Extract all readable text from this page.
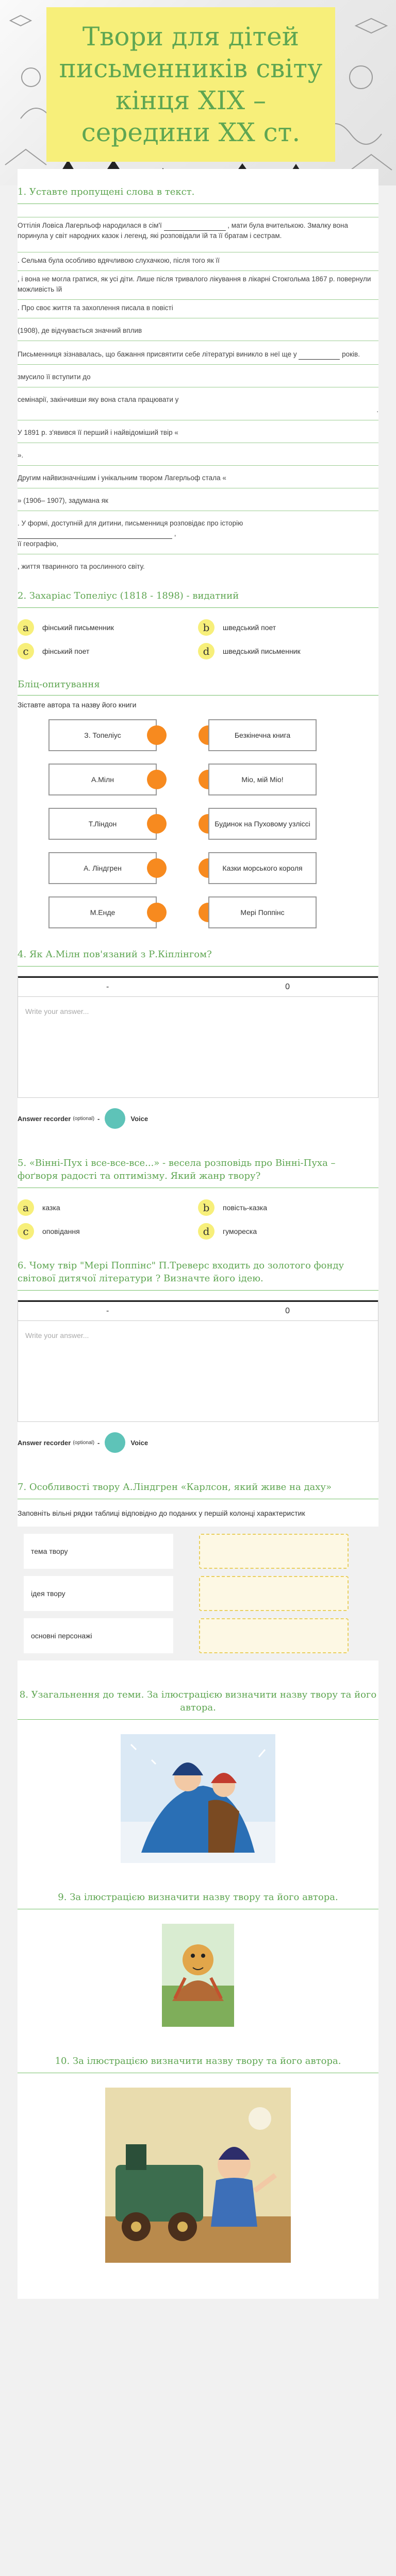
Твори для дітей письменників світу кінця XIX – середини XX ст.
1. Уставте пропущені слова в текст.

Оттілія Ловіса Лагерльоф народилася в сім'ї	, мати була вчителькою. Змалку вона поринула у світ народних казок і легенд, які розповідали їй та її братам і сестрам.

. Сельма була особливо вдячливою слухачкою, після того як її

, і вона не могла гратися, як усі діти. Лише після тривалого лікування в лікарні Стокгольма 1867 р. повернули можливість їй

. Про своє життя та захоплення писала в повісті

(1908), де відчувається значний вплив

Письменниця зізнавалась, що бажання присвятити себе літературі виникло в неї ще у	років.

змусило її вступити до

семінарії, закінчивши яку вона стала працювати у

.

У 1891 р. з'явився її перший і найвідоміший твір «

».

Другим найвизначнішим і унікальним твором Лагерльоф стала «

» (1906– 1907), задумана як

. У формі, доступній для дитини, письменниця розповідає про історію  ,

її географію,

, життя тваринного та рослинного світу.

2. Захаріас Топеліус (1818 - 1898) - видатний
a	фінський письменник	b	шведський поет
c	фінський поет	d	шведський письменник
Бліц-опитування
Зіставте автора та назву його книги
З. Топеліус	Безкінечна книга
А.Мілн	Міо, мій Міо!
Т.Ліндон	Будинок на Пуховому узліссі
А. Ліндгрен	Казки морського короля
М.Енде	Мері Поппінс
4. Як А.Мілн пов'язаний з Р.Кіплінгом?
-	0
Write your answer...
Answer recorder (optional) -	Voice
5. «Вінні-Пух і все-все-все...» - весела розповідь про Вінні-Пуха – фоґворя радості та оптимізму. Який жанр твору?
a	казка	b	повість-казка
c	оповідання	d	гумореска
6. Чому твір "Мері Поппінс" П.Треверс входить до золотого фонду світової дитячої літератури ? Визначте його ідею.
-	0
Write your answer...
Answer recorder (optional) -	Voice
7. Особливості твору А.Ліндгрен «Карлсон, який живе на даху»
Заповніть вільні рядки таблиці відповідно до поданих у першій колонці характеристик
тема твору
ідея твору
основні персонажі
8. Узагальнення до теми. За ілюстрацією визначити назву твору та його автора.
9. За ілюстрацією визначити назву твору та його автора.
10. За ілюстрацією визначити назву твору та його автора.
